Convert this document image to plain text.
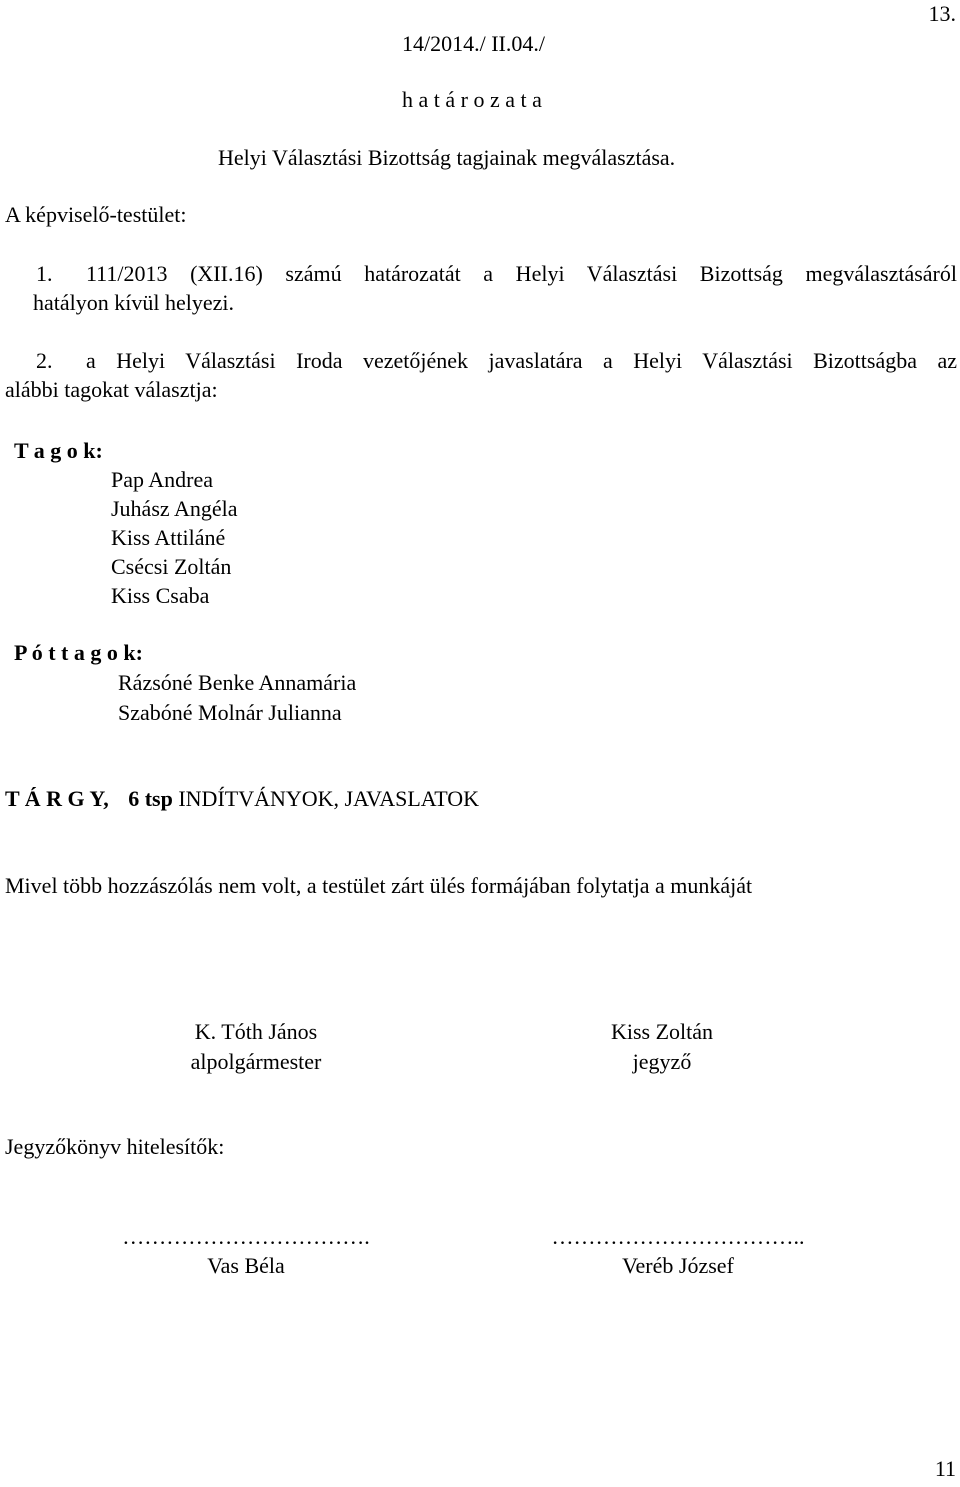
13.
14/2014./ II.04./
h a t á r o z a t a
Helyi Választási Bizottság tagjainak megválasztása.
A képviselő-testület:
1.	111/2013 (XII.16) számú határozatát a Helyi Választási Bizottság megválasztásáról
hatályon kívül helyezi.
2.	a Helyi Választási Iroda vezetőjének javaslatára a Helyi Választási Bizottságba az
alábbi tagokat választja:
T a g o k:
Pap Andrea
Juhász Angéla
Kiss Attiláné
Csécsi Zoltán
Kiss Csaba
P ó t t a g o k:
Rázsóné Benke Annamária
Szabóné Molnár Julianna
T Á R G Y, 6 tsp INDÍTVÁNYOK, JAVASLATOK
Mivel több hozzászólás nem volt, a testület zárt ülés formájában folytatja a munkáját
K. Tóth János
alpolgármester
Kiss Zoltán
jegyző
Jegyzőkönyv hitelesítők:
…………………………….
Vas Béla
……………………………..
Veréb József
11
